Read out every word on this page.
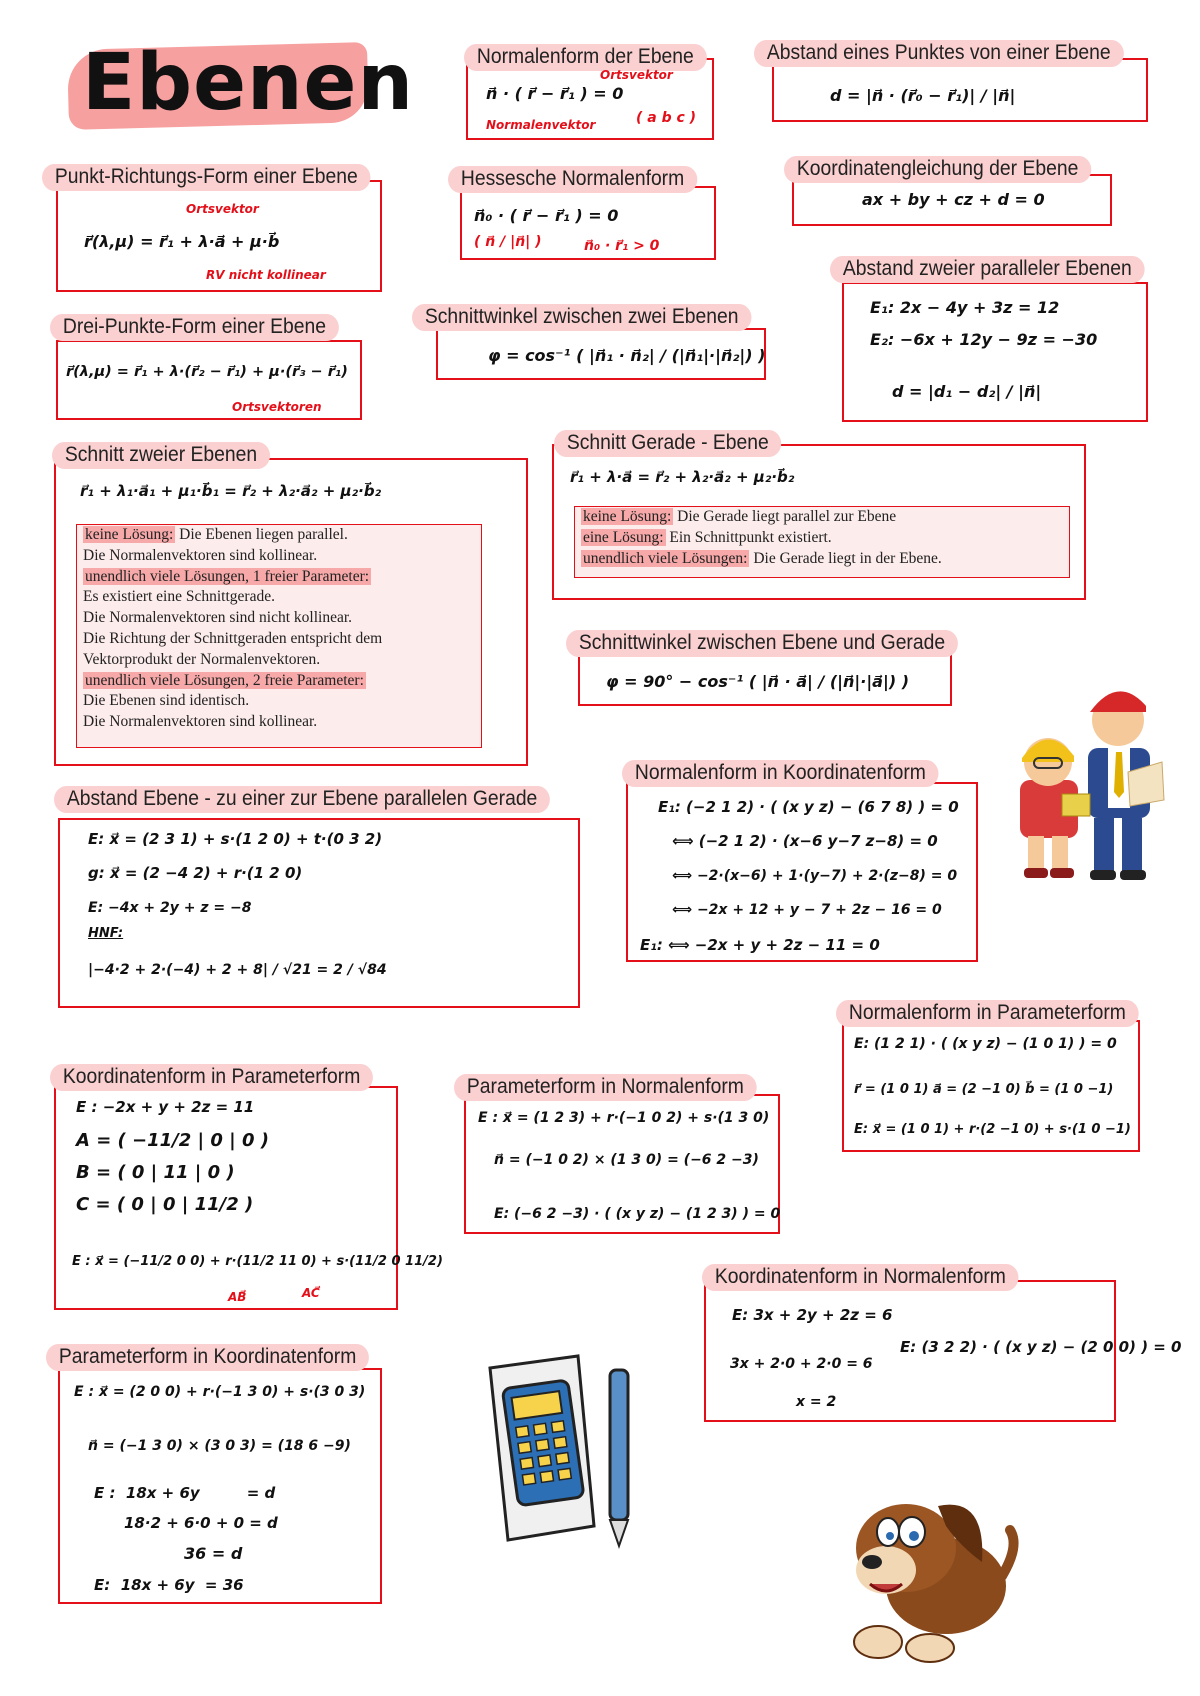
Ebenen	Normalenform der Ebene
Ortsvektor
n⃗ · ( r⃗ − r⃗₁ ) = 0
Normalenvektor	( a b c )
Abstand eines Punktes von einer Ebene
d = |n⃗ · (r⃗₀ − r⃗₁)| / |n⃗|
Punkt-Richtungs-Form einer Ebene
Ortsvektor
r⃗(λ,μ) = r⃗₁ + λ·a⃗ + μ·b⃗
RV nicht kollinear
Hessesche Normalenform
n⃗₀ · ( r⃗ − r⃗₁ ) = 0
( n⃗ / |n⃗| )	n⃗₀ · r⃗₁ > 0
Koordinatengleichung der Ebene
ax + by + cz + d = 0
Abstand zweier paralleler Ebenen
E₁: 2x − 4y + 3z = 12
E₂: −6x + 12y − 9z = −30
d = |d₁ − d₂| / |n⃗|
Drei-Punkte-Form einer Ebene
r⃗(λ,μ) = r⃗₁ + λ·(r⃗₂ − r⃗₁) + μ·(r⃗₃ − r⃗₁)
Ortsvektoren
Schnittwinkel zwischen zwei Ebenen
φ = cos⁻¹ ( |n⃗₁ · n⃗₂| / (|n⃗₁|·|n⃗₂|) )
Schnitt zweier Ebenen
r⃗₁ + λ₁·a⃗₁ + μ₁·b⃗₁ = r⃗₂ + λ₂·a⃗₂ + μ₂·b⃗₂
keine Lösung: Die Ebenen liegen parallel.
Die Normalenvektoren sind kollinear.
unendlich viele Lösungen, 1 freier Parameter:
Es existiert eine Schnittgerade.
Die Normalenvektoren sind nicht kollinear.
Die Richtung der Schnittgeraden entspricht dem
Vektorprodukt der Normalenvektoren.
unendlich viele Lösungen, 2 freie Parameter:
Die Ebenen sind identisch.
Die Normalenvektoren sind kollinear.
Schnitt Gerade - Ebene
r⃗₁ + λ·a⃗ = r⃗₂ + λ₂·a⃗₂ + μ₂·b⃗₂
keine Lösung: Die Gerade liegt parallel zur Ebene
eine Lösung: Ein Schnittpunkt existiert.
unendlich viele Lösungen: Die Gerade liegt in der Ebene.
Schnittwinkel zwischen Ebene und Gerade
φ = 90° − cos⁻¹ ( |n⃗ · a⃗| / (|n⃗|·|a⃗|) )
Normalenform in Koordinatenform
E₁: (−2 1 2) · ( (x y z) − (6 7 8) ) = 0
⟺ (−2 1 2) · (x−6 y−7 z−8) = 0
⟺ −2·(x−6) + 1·(y−7) + 2·(z−8) = 0
⟺ −2x + 12 + y − 7 + 2z − 16 = 0
E₁: ⟺ −2x + y + 2z − 11 = 0
Abstand Ebene - zu einer zur Ebene parallelen Gerade
E: x⃗ = (2 3 1) + s·(1 2 0) + t·(0 3 2)
g: x⃗ = (2 −4 2) + r·(1 2 0)
E: −4x + 2y + z = −8
HNF:
|−4·2 + 2·(−4) + 2 + 8| / √21 = 2 / √84
Normalenform in Parameterform
E: (1 2 1) · ( (x y z) − (1 0 1) ) = 0
r⃗ = (1 0 1) a⃗ = (2 −1 0) b⃗ = (1 0 −1)
E: x⃗ = (1 0 1) + r·(2 −1 0) + s·(1 0 −1)
Koordinatenform in Parameterform
E : −2x + y + 2z = 11
A = ( −11/2 | 0 | 0 )
B = ( 0 | 11 | 0 )
C = ( 0 | 0 | 11/2 )
E : x⃗ = (−11/2 0 0) + r·(11/2 11 0) + s·(11/2 0 11/2)
AB⃗	AC⃗
Parameterform in Normalenform
E : x⃗ = (1 2 3) + r·(−1 0 2) + s·(1 3 0)
n⃗ = (−1 0 2) × (1 3 0) = (−6 2 −3)
E: (−6 2 −3) · ( (x y z) − (1 2 3) ) = 0
Koordinatenform in Normalenform
E: 3x + 2y + 2z = 6
3x + 2·0 + 2·0 = 6
x = 2
E: (3 2 2) · ( (x y z) − (2 0 0) ) = 0
Parameterform in Koordinatenform
E : x⃗ = (2 0 0) + r·(−1 3 0) + s·(3 0 3)
n⃗ = (−1 3 0) × (3 0 3) = (18 6 −9)
E :  18x + 6y         = d
18·2 + 6·0 + 0 = d
36 = d
E:  18x + 6y  = 36
